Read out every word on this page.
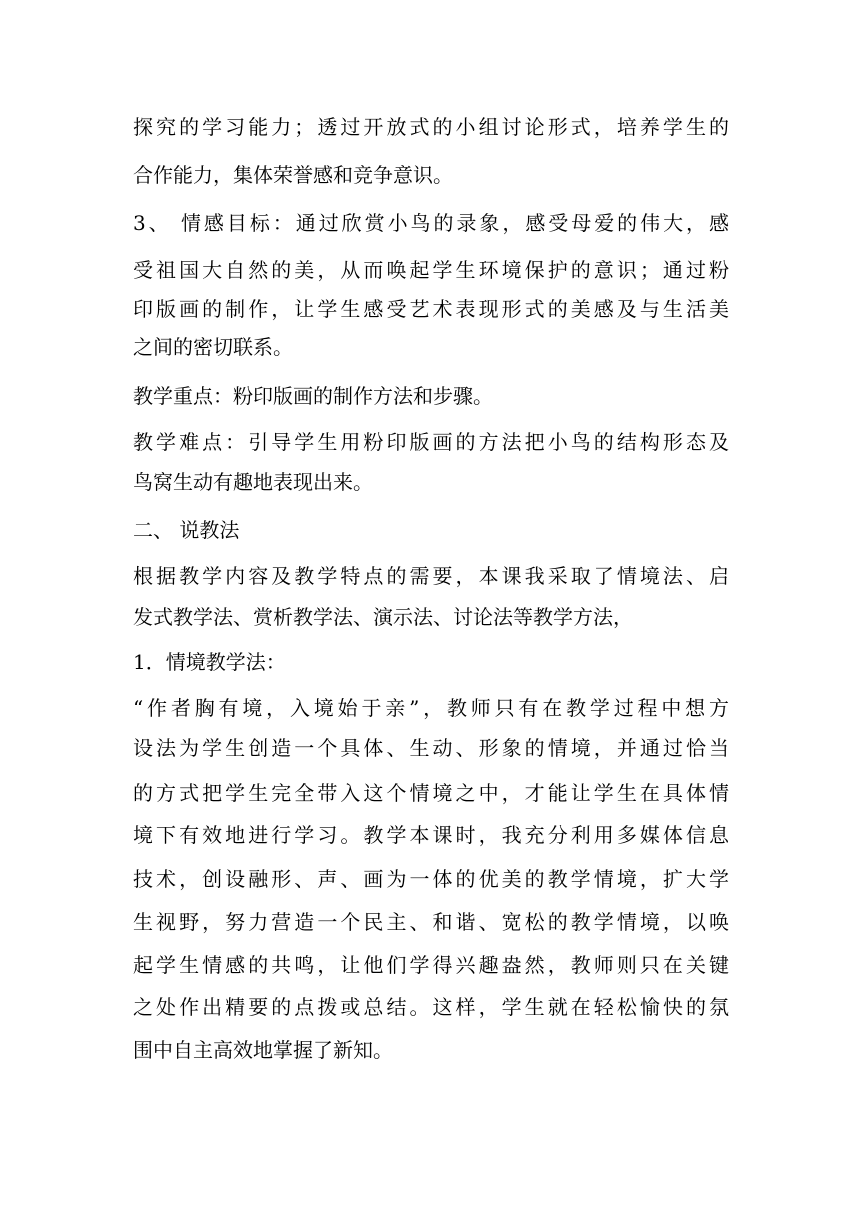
探究的学习能力；透过开放式的小组讨论形式，培养学生的
合作能力，集体荣誉感和竞争意识。
3、 情感目标：通过欣赏小鸟的录象，感受母爱的伟大，感
受祖国大自然的美，从而唤起学生环境保护的意识；通过粉
印版画的制作，让学生感受艺术表现形式的美感及与生活美
之间的密切联系。
教学重点：粉印版画的制作方法和步骤。
教学难点：引导学生用粉印版画的方法把小鸟的结构形态及
鸟窝生动有趣地表现出来。
二、 说教法
根据教学内容及教学特点的需要，本课我采取了情境法、启
发式教学法、赏析教学法、演示法、讨论法等教学方法，
1．情境教学法：
“作者胸有境，入境始于亲”，教师只有在教学过程中想方
设法为学生创造一个具体、生动、形象的情境，并通过恰当
的方式把学生完全带入这个情境之中，才能让学生在具体情
境下有效地进行学习。教学本课时，我充分利用多媒体信息
技术，创设融形、声、画为一体的优美的教学情境，扩大学
生视野，努力营造一个民主、和谐、宽松的教学情境，以唤
起学生情感的共鸣，让他们学得兴趣盎然，教师则只在关键
之处作出精要的点拨或总结。这样，学生就在轻松愉快的氛
围中自主高效地掌握了新知。
